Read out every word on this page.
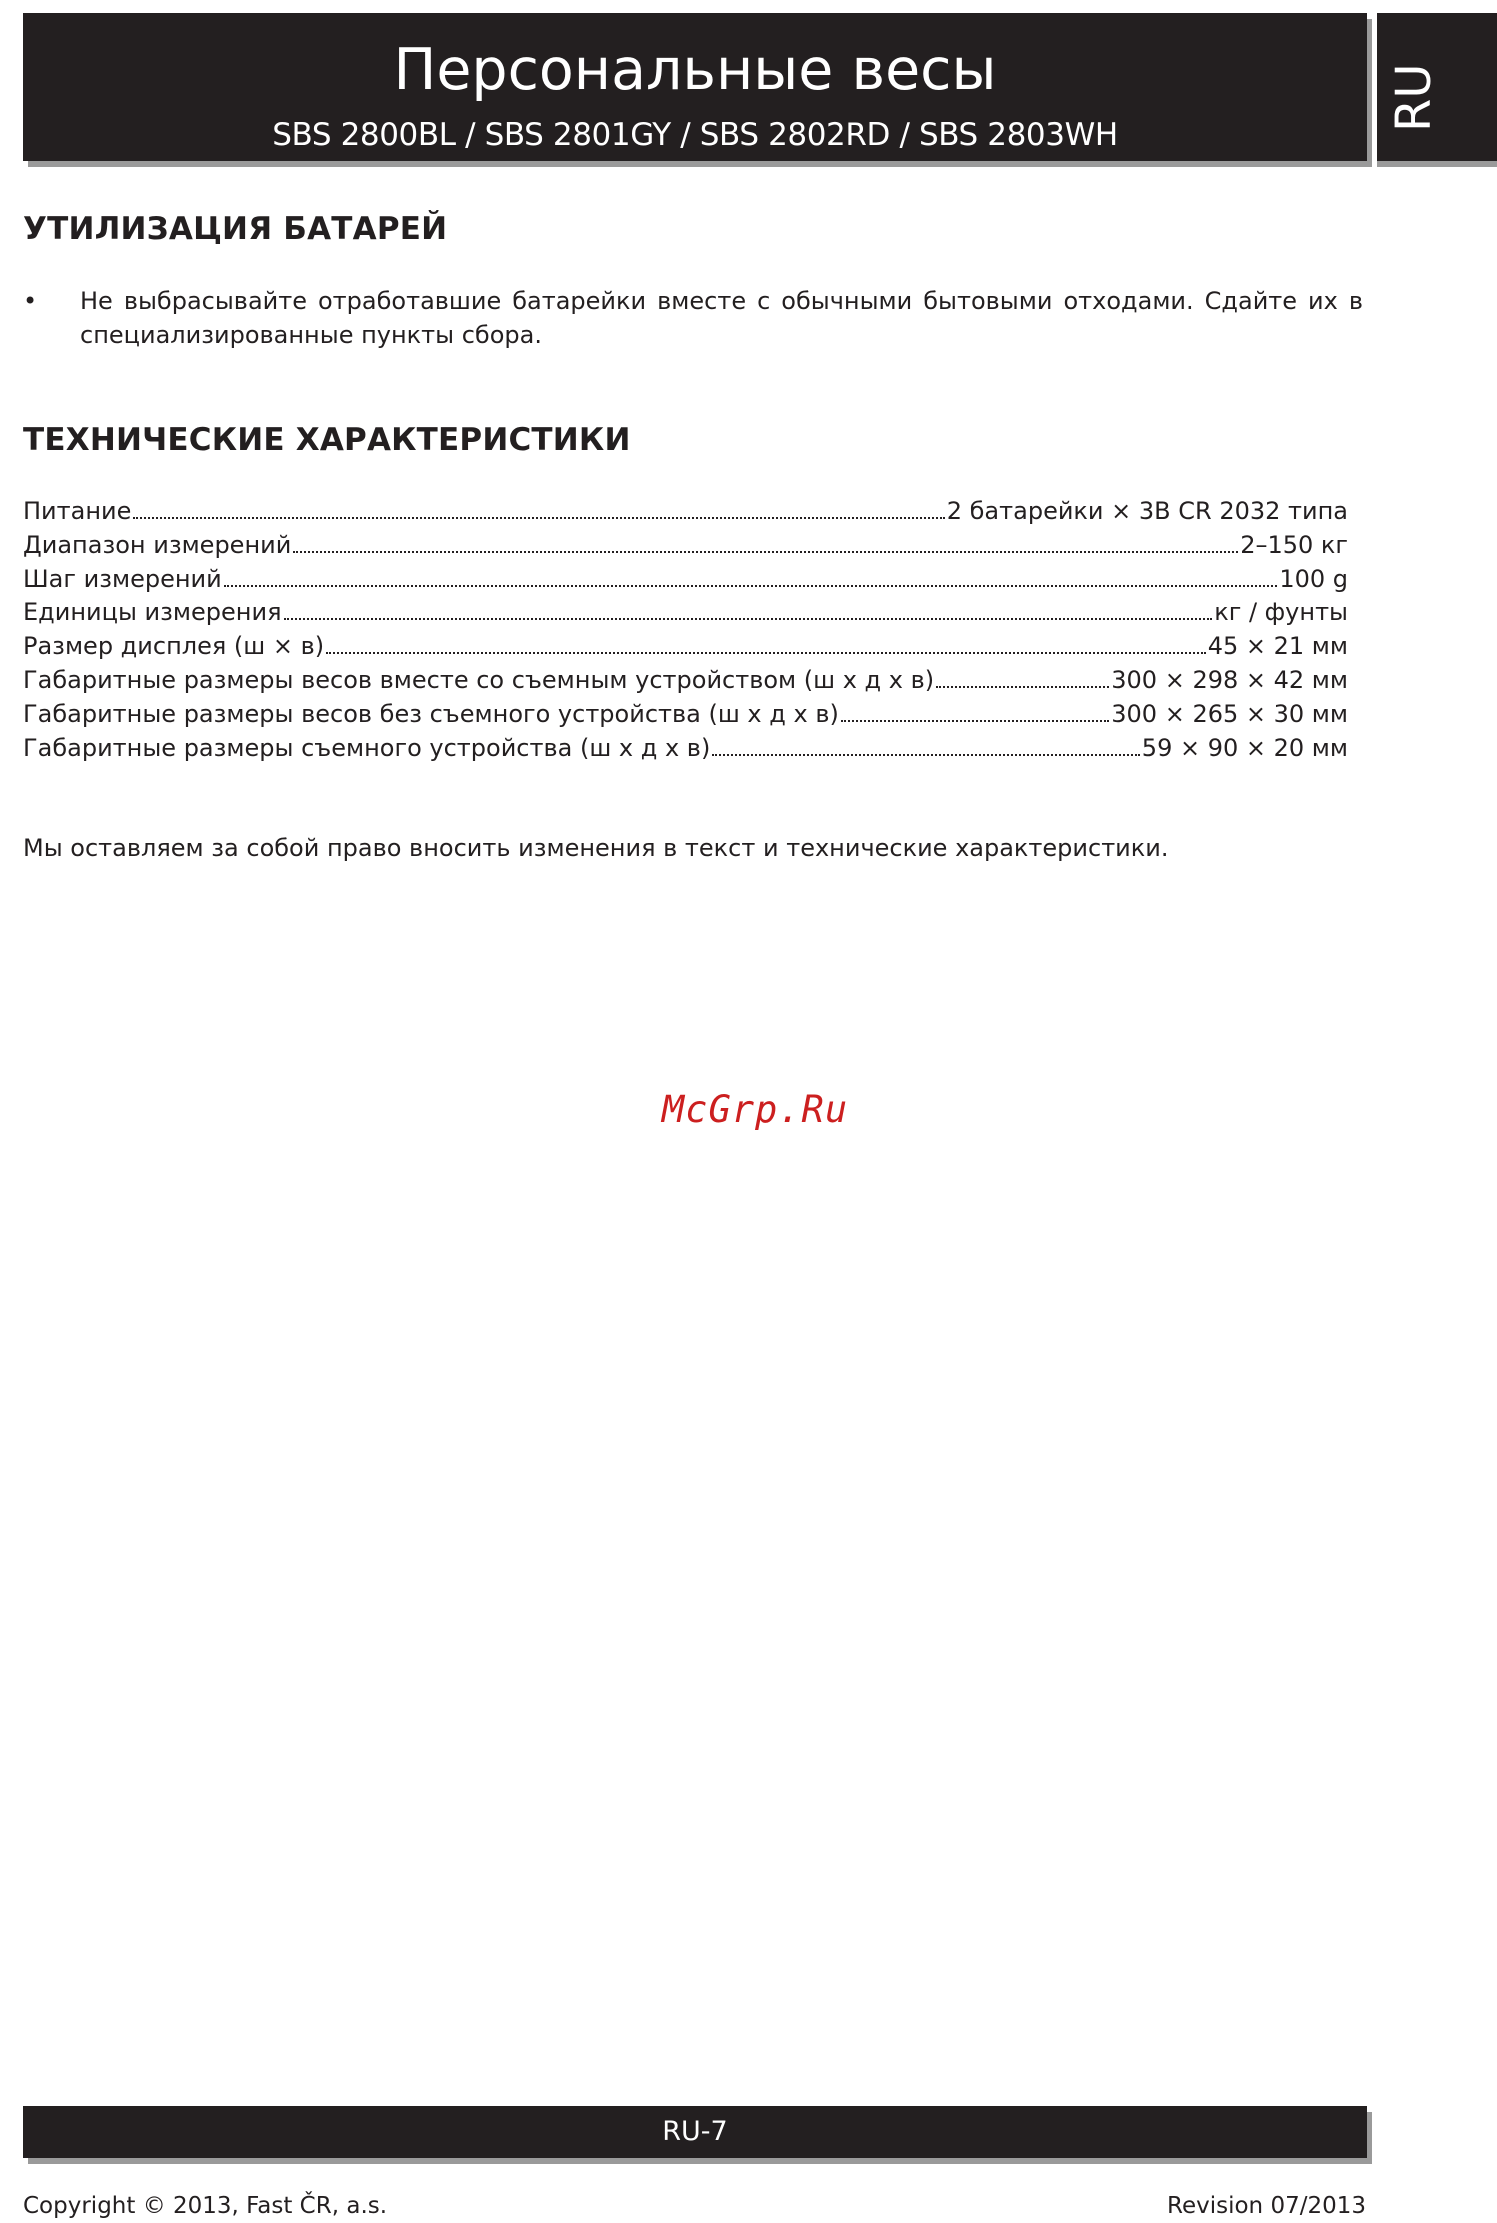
Персональные весы
SBS 2800BL / SBS 2801GY / SBS 2802RD / SBS 2803WH
RU
УТИЛИЗАЦИЯ БАТАРЕЙ
• Не выбрасывайте отработавшие батарейки вместе с обычными бытовыми отходами. Сдайте их в специализированные пункты сбора.
ТЕХНИЧЕСКИЕ ХАРАКТЕРИСТИКИ
Питание	2 батарейки × 3В CR 2032 типа
Диапазон измерений	2–150 кг
Шаг измерений	100 g
Единицы измерения	кг / фунты
Размер дисплея (ш × в)	45 × 21 мм
Габаритные размеры весов вместе со съемным устройством (ш x д x в)	300 × 298 × 42 мм
Габаритные размеры весов без съемного устройства (ш x д x в)	300 × 265 × 30 мм
Габаритные размеры съемного устройства (ш x д x в)	59 × 90 × 20 мм
Мы оставляем за собой право вносить изменения в текст и технические характеристики.
McGrp.Ru
RU-7
Copyright © 2013, Fast ČR, a.s.	Revision 07/2013
